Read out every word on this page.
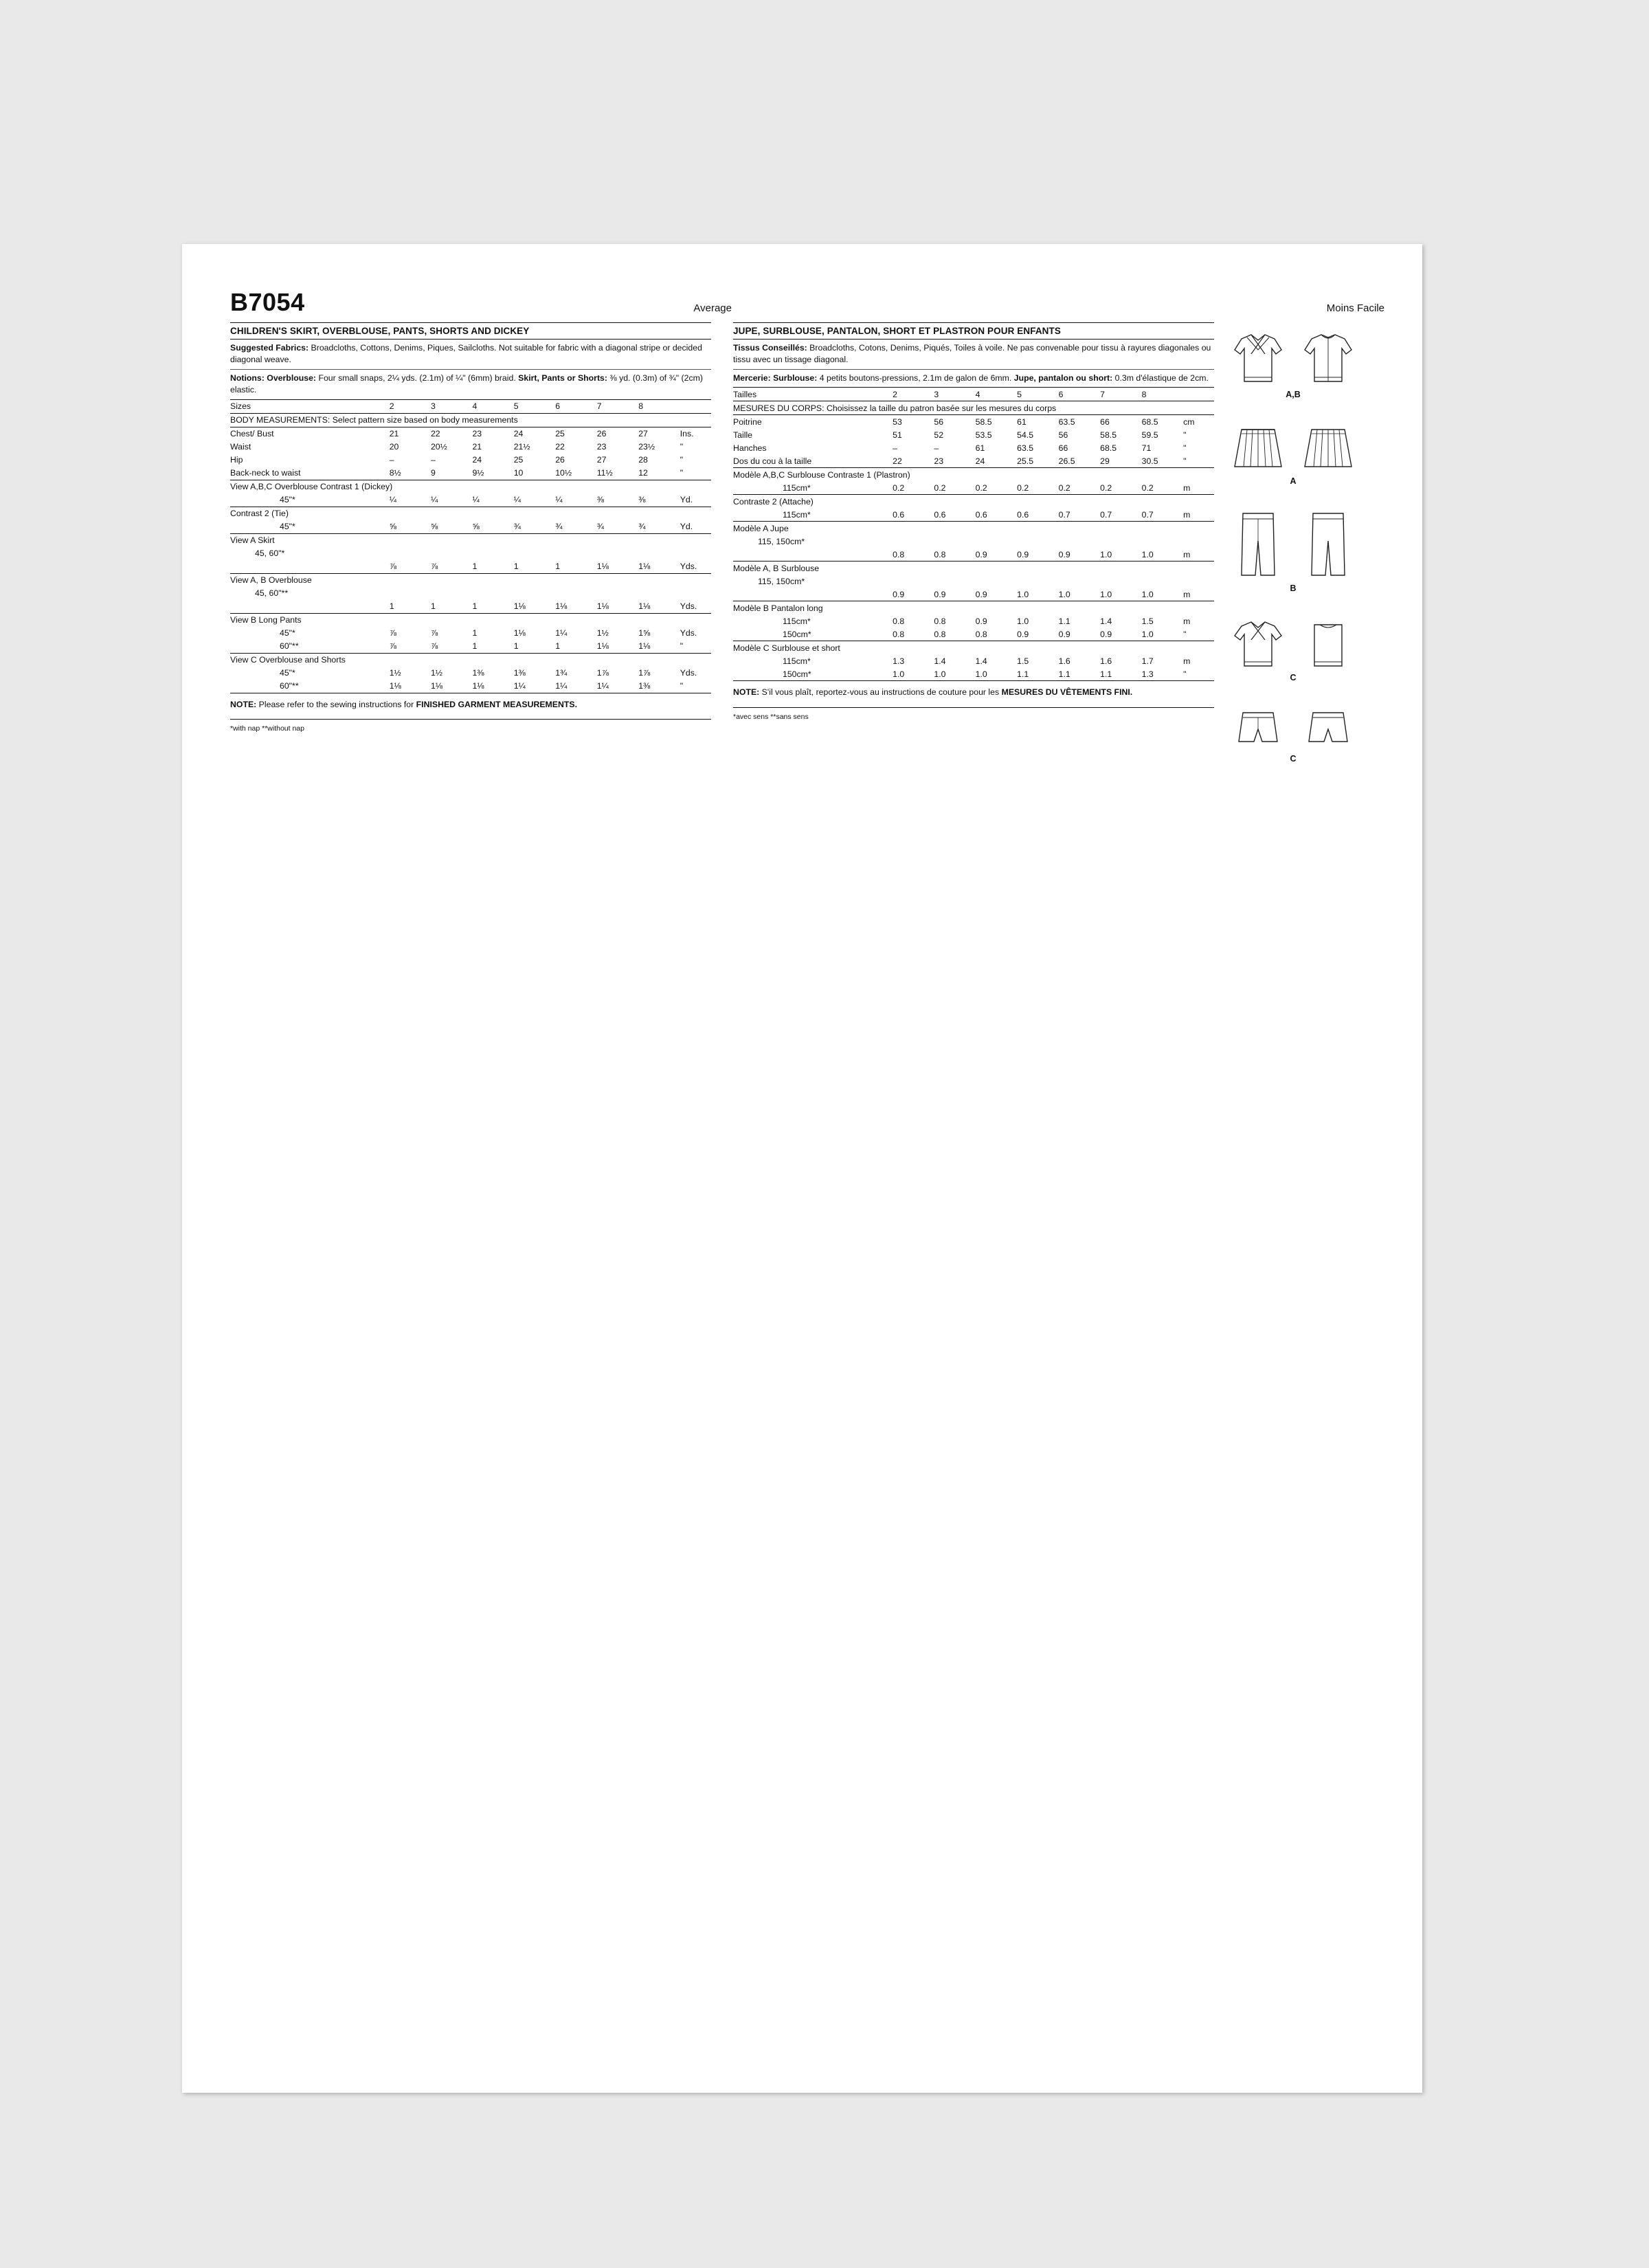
B7054	Average	Moins Facile
CHILDREN'S SKIRT, OVERBLOUSE, PANTS, SHORTS AND DICKEY
Suggested Fabrics: Broadcloths, Cottons, Denims, Piques, Sailcloths. Not suitable for fabric with a diagonal stripe or decided diagonal weave.
Notions: Overblouse: Four small snaps, 2¼ yds. (2.1m) of ¼" (6mm) braid. Skirt, Pants or Shorts: ⅜ yd. (0.3m) of ¾" (2cm) elastic.
Sizes	2	3	4	5	6	7	8	
BODY MEASUREMENTS: Select pattern size based on body measurements								
Chest/ Bust	21	22	23	24	25	26	27	Ins.
Waist	20	20½	21	21½	22	23	23½	"
Hip	–	–	24	25	26	27	28	"
Back-neck to waist	8½	9	9½	10	10½	11½	12	"
View A,B,C Overblouse Contrast 1 (Dickey)								
45"*	¼	¼	¼	¼	¼	⅜	⅜	Yd.
Contrast 2 (Tie)								
45"*	⅝	⅝	⅝	¾	¾	¾	¾	Yd.
View A Skirt								
45, 60"*								
	⅞	⅞	1	1	1	1⅛	1⅛	Yds.
View A, B Overblouse								
45, 60"**								
	1	1	1	1⅛	1⅛	1⅛	1⅛	Yds.
View B Long Pants								
45"*	⅞	⅞	1	1⅛	1¼	1½	1⅝	Yds.
60"**	⅞	⅞	1	1	1	1⅛	1⅛	"
View C Overblouse and Shorts								
45"*	1½	1½	1⅜	1⅜	1¾	1⅞	1⅞	Yds.
60"**	1⅛	1⅛	1⅛	1¼	1¼	1¼	1⅜	"
NOTE: Please refer to the sewing instructions for FINISHED GARMENT MEASUREMENTS.
*with nap **without nap
JUPE, SURBLOUSE, PANTALON, SHORT ET PLASTRON POUR ENFANTS
Tissus Conseillés: Broadcloths, Cotons, Denims, Piqués, Toiles à voile. Ne pas convenable pour tissu à rayures diagonales ou tissu avec un tissage diagonal.
Mercerie: Surblouse: 4 petits boutons-pressions, 2.1m de galon de 6mm. Jupe, pantalon ou short: 0.3m d'élastique de 2cm.
Tailles	2	3	4	5	6	7	8	
MESURES DU CORPS: Choisissez la taille du patron basée sur les mesures du corps								
Poitrine	53	56	58.5	61	63.5	66	68.5	cm
Taille	51	52	53.5	54.5	56	58.5	59.5	"
Hanches	–	–	61	63.5	66	68.5	71	"
Dos du cou à la taille	22	23	24	25.5	26.5	29	30.5	"
Modèle A,B,C Surblouse Contraste 1 (Plastron)								
115cm*	0.2	0.2	0.2	0.2	0.2	0.2	0.2	m
Contraste 2 (Attache)								
115cm*	0.6	0.6	0.6	0.6	0.7	0.7	0.7	m
Modèle A Jupe								
115, 150cm*								
	0.8	0.8	0.9	0.9	0.9	1.0	1.0	m
Modèle A, B Surblouse								
115, 150cm*								
	0.9	0.9	0.9	1.0	1.0	1.0	1.0	m
Modèle B Pantalon long								
115cm*	0.8	0.8	0.9	1.0	1.1	1.4	1.5	m
150cm*	0.8	0.8	0.8	0.9	0.9	0.9	1.0	"
Modèle C Surblouse et short								
115cm*	1.3	1.4	1.4	1.5	1.6	1.6	1.7	m
150cm*	1.0	1.0	1.0	1.1	1.1	1.1	1.3	"
NOTE: S'il vous plaît, reportez-vous au instructions de couture pour les MESURES DU VÊTEMENTS FINI.
*avec sens **sans sens
A,B
A
B
C
C
